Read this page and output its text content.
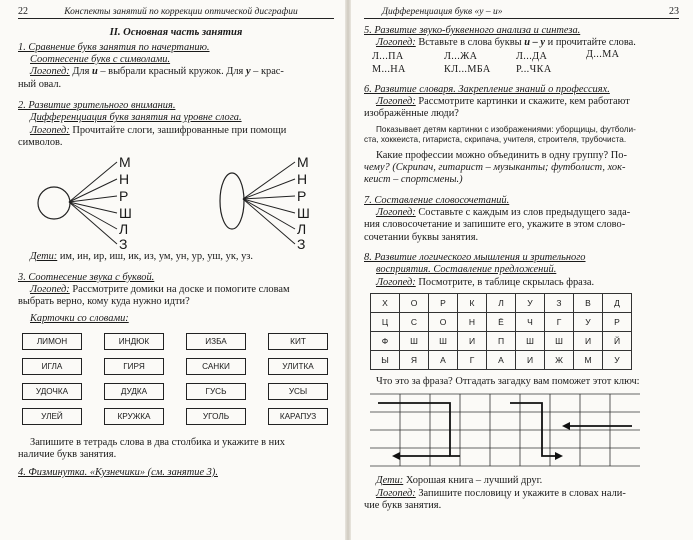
22	Конспекты занятий по коррекции оптической дисграфии
II. Основная часть занятия
1. Сравнение букв занятия по начертанию.
Соотнесение букв с символами.

Логопед: Для и – выбрали красный кружок. Для у – крас-

ный овал.

2. Развитие зрительного внимания.
Дифференциация букв занятия на уровне слога.

Логопед: Прочитайте слоги, зашифрованные при помощи

символов.

М
Н
Р
Ш
Л
З
М
Н
Р
Ш
Л
З

Дети: им, ин, ир, иш, ик, из, ум, ун, ур, уш, ук, уз.

3. Соотнесение звука с буквой.

Логопед: Рассмотрите домики на доске и помогите словам

выбрать верно, кому куда нужно идти?

Карточки со словами:
ЛИМОН	ИНДЮК	ИЗБА	КИТ
ИГЛА	ГИРЯ	САНКИ	УЛИТКА
УДОЧКА	ДУДКА	ГУСЬ	УСЫ
УЛЕЙ	КРУЖКА	УГОЛЬ	КАРАПУЗ

Запишите в тетрадь слова в два столбика и укажите в них

наличие букв занятия.

4. Физминутка. «Кузнечики» (см. занятие 3).
Дифференциация букв «у – и»	23
5. Развитие звуко-буквенного анализа и синтеза.

Логопед: Вставьте в слова буквы и – у и прочитайте слова.

Л...ПА	Л...ЖА	Л...ДА
М...НА	КЛ...МБА	Р...ЧКА
Д...МА
6. Развитие словаря. Закрепление знаний о профессиях.

Логопед: Рассмотрите картинки и скажите, кем работают

изображённые люди?

Показывает детям картинки с изображениями: уборщицы, футболи-

ста, хоккеиста, гитариста, скрипача, учителя, строителя, трубочиста.

Какие профессии можно объединить в одну группу? По-

чему? (Скрипач, гитарист – музыканты; футболист, хок-

кеист – спортсмены.)

7. Составление словосочетаний.

Логопед: Составьте с каждым из слов предыдущего зада-

ния словосочетание и запишите его, укажите в этом слово-

сочетании буквы занятия.

8. Развитие логического мышления и зрительного
восприятия. Составление предложений.

Логопед: Посмотрите, в таблице скрылась фраза.

Х	О	Р	К	Л	У	З	В	Д
Ц	С	О	Н	Ё	Ч	Г	У	Р
Ф	Ш	Ш	И	П	Ш	Ш	И	Й
Ы	Я	А	Г	А	И	Ж	М	У

Что это за фраза? Отгадать загадку вам поможет этот ключ:

Дети: Хорошая книга – лучший друг.

Логопед: Запишите пословицу и укажите в словах нали-

чие букв занятия.
